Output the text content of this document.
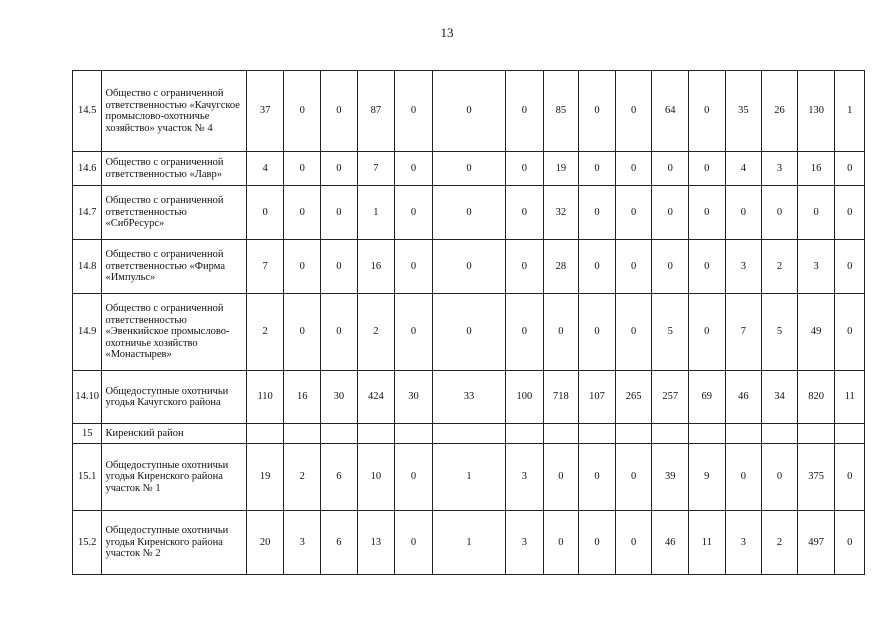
13
14.5	Общество с ограниченной ответственностью «Качугское промыслово-охотничье хозяйство» участок № 4	37	0	0	87	0	0	0	85	0	0	64	0	35	26	130	1
14.6	Общество с ограниченной ответственностью «Лавр»	4	0	0	7	0	0	0	19	0	0	0	0	4	3	16	0
14.7	Общество с ограниченной ответственностью «СибРесурс»	0	0	0	1	0	0	0	32	0	0	0	0	0	0	0	0
14.8	Общество с ограниченной ответственностью «Фирма «Импульс»	7	0	0	16	0	0	0	28	0	0	0	0	3	2	3	0
14.9	Общество с ограниченной ответственностью «Эвенкийское промыслово-охотничье хозяйство «Монастырев»	2	0	0	2	0	0	0	0	0	0	5	0	7	5	49	0
14.10	Общедоступные охотничьи угодья Качугского района	110	16	30	424	30	33	100	718	107	265	257	69	46	34	820	11
15	Киренский район																
15.1	Общедоступные охотничьи угодья Киренского района участок № 1	19	2	6	10	0	1	3	0	0	0	39	9	0	0	375	0
15.2	Общедоступные охотничьи угодья Киренского района участок № 2	20	3	6	13	0	1	3	0	0	0	46	11	3	2	497	0
